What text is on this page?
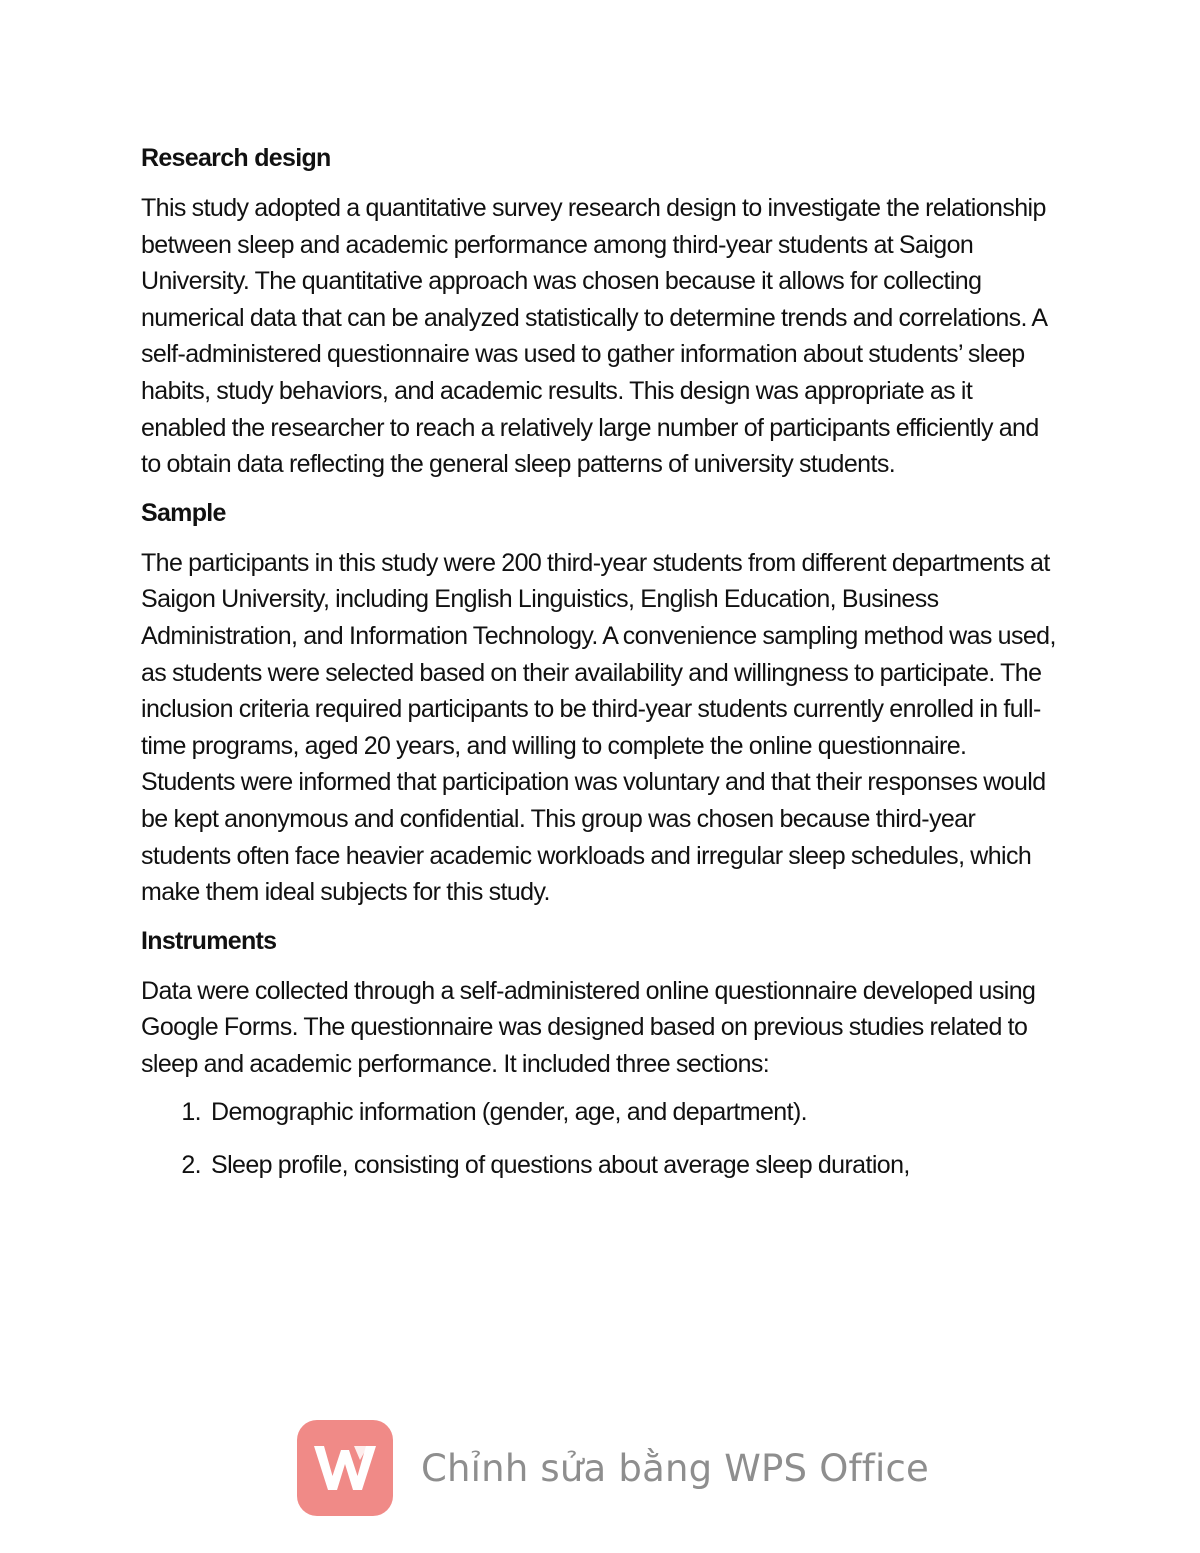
Research design

This study adopted a quantitative survey research design to investigate the relationship between sleep and academic performance among third-year students at Saigon University. The quantitative approach was chosen because it allows for collecting numerical data that can be analyzed statistically to determine trends and correlations. A self-administered questionnaire was used to gather information about students’ sleep habits, study behaviors, and academic results. This design was appropriate as it enabled the researcher to reach a relatively large number of participants efficiently and to obtain data reflecting the general sleep patterns of university students.

Sample

The participants in this study were 200 third-year students from different departments at Saigon University, including English Linguistics, English Education, Business Administration, and Information Technology. A convenience sampling method was used, as students were selected based on their availability and willingness to participate. The inclusion criteria required participants to be third-year students currently enrolled in full-time programs, aged 20 years, and willing to complete the online questionnaire. Students were informed that participation was voluntary and that their responses would be kept anonymous and confidential. This group was chosen because third-year students often face heavier academic workloads and irregular sleep schedules, which make them ideal subjects for this study.

Instruments

Data were collected through a self-administered online questionnaire developed using Google Forms. The questionnaire was designed based on previous studies related to sleep and academic performance. It included three sections:

1. Demographic information (gender, age, and department).
2. Sleep profile, consisting of questions about average sleep duration,
Chỉnh sửa bằng WPS Office
